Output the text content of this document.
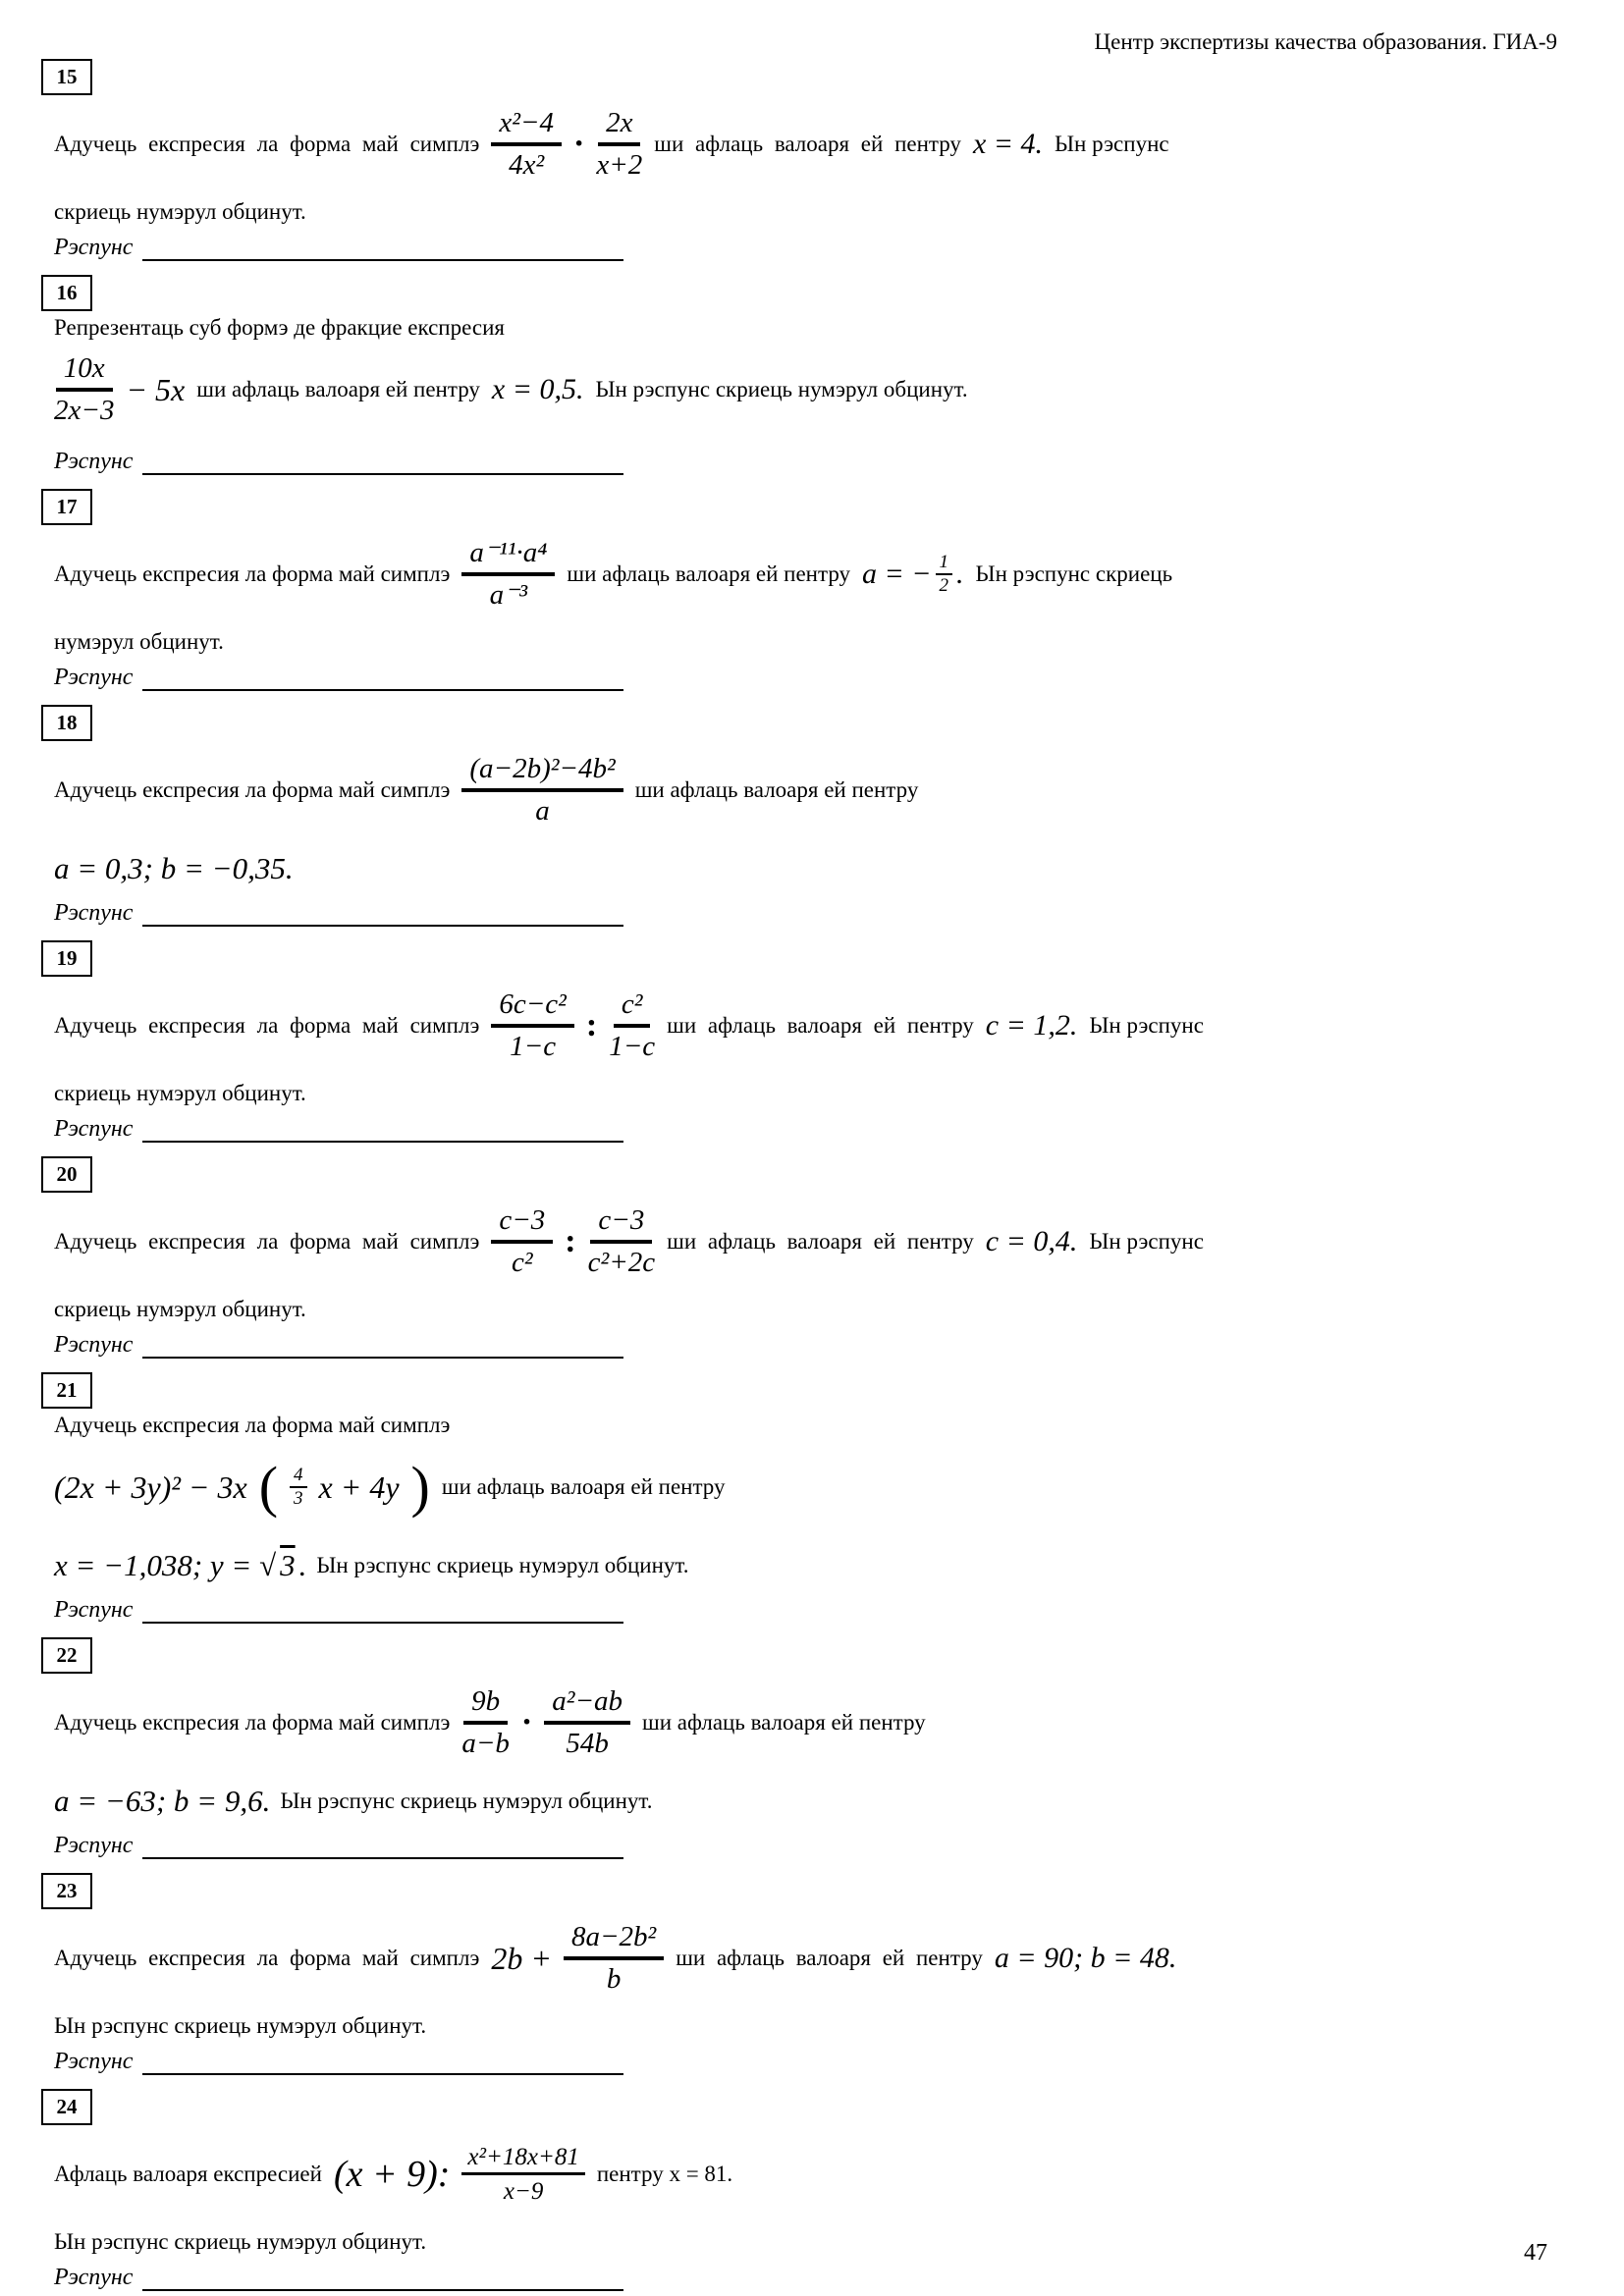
Центр экспертизы качества образования. ГИА-9
15
Адучець експресия ла форма май симплэ $\frac{\text{x²−4}}{\text{4x²}} \cdot \frac{2x}{x+2}$ ши афлаць валоаря ей пентру x = 4. Ын рэспунс
скриець нумэрул обцинут.
Рэспунс
16
Репрезентаць суб формэ де фракцие експресия
$\frac{10x}{2x-3} - 5x$ ши афлаць валоаря ей пентру x = 0,5. Ын рэспунс скриець нумэрул обцинут.
Рэспунс
17
Адучець експресия ла форма май симплэ $\frac{\text{a⁻¹¹·a⁴}}{\text{a⁻³}}$ ши афлаць валоаря ей пентру a = − $\frac{1}{2}$ . Ын рэспунс скриець
нумэрул обцинут.
Рэспунс
18
Адучець експресия ла форма май симплэ $\frac{\text{(a−2b)²−4b²}}{a}$ ши афлаць валоаря ей пентру
a = 0,3; b = −0,35.
Рэспунс
19
Адучець експресия ла форма май симплэ $\frac{\text{6c−c²}}{1-c}$ : $\frac{\text{c²}}{1-c}$ ши афлаць валоаря ей пентру c = 1,2. Ын рэспунс
скриець нумэрул обцинут.
Рэспунс
20
Адучець експресия ла форма май симплэ $\frac{c-3}{\text{c²}}$ : $\frac{c-3}{\text{c²+2c}}$ ши афлаць валоаря ей пентру c = 0,4. Ын рэспунс
скриець нумэрул обцинут.
Рэспунс
21
Адучець експресия ла форма май симплэ
(2x + 3y)² − 3x ( $\frac{4}{3}$ x + 4y ) ши афлаць валоаря ей пентру
x = −1,038; y = √ 3 . Ын рэспунс скриець нумэрул обцинут.
Рэспунс
22
Адучець експресия ла форма май симплэ $\frac{9b}{a-b} \cdot \frac{\text{a²−ab}}{54b}$ ши афлаць валоаря ей пентру
a = −63; b = 9,6. Ын рэспунс скриець нумэрул обцинут.
Рэспунс
23
Адучець експресия ла форма май симплэ $2b + \frac{\text{8a−2b²}}{b}$ ши афлаць валоаря ей пентру a = 90; b = 48.
Ын рэспунс скриець нумэрул обцинут.
Рэспунс
24
Афлаць валоаря експресией (x + 9): $\frac{\text{x²+18x+81}}{x-9}$ пентру x = 81.
Ын рэспунс скриець нумэрул обцинут.
Рэспунс
47
